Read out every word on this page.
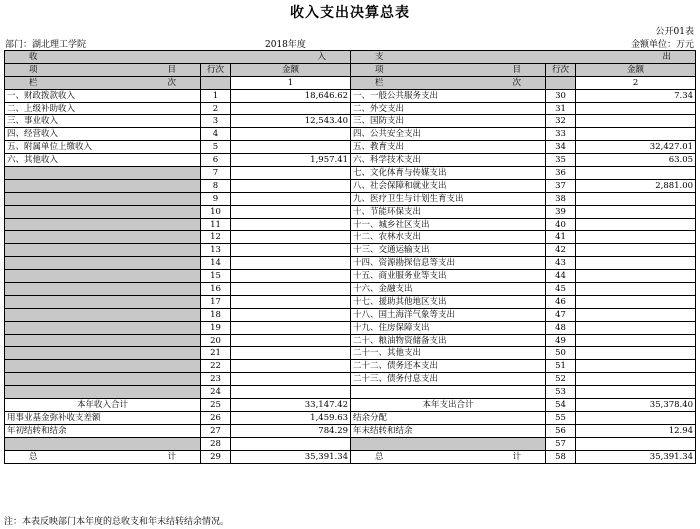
收入支出决算总表
公开01表
部门：湖北理工学院	2018年度	金额单位：万元
收 入			支 出		

项 目	行次	金额	项 目	行次	金额

栏 次		1	栏 次		2
一、财政拨款收入	1	18,646.62	一、一般公共服务支出	30	7.34
二、上级补助收入	2		二、外交支出	31	
三、事业收入	3	12,543.40	三、国防支出	32	
四、经营收入	4		四、公共安全支出	33	
五、附属单位上缴收入	5		五、教育支出	34	32,427.01
六、其他收入	6	1,957.41	六、科学技术支出	35	63.05
	7		七、文化体育与传媒支出	36	
	8		八、社会保障和就业支出	37	2,881.00
	9		九、医疗卫生与计划生育支出	38	
	10		十、节能环保支出	39	
	11		十一、城乡社区支出	40	
	12		十二、农林水支出	41	
	13		十三、交通运输支出	42	
	14		十四、资源勘探信息等支出	43	
	15		十五、商业服务业等支出	44	
	16		十六、金融支出	45	
	17		十七、援助其他地区支出	46	
	18		十八、国土海洋气象等支出	47	
	19		十九、住房保障支出	48	
	20		二十、粮油物资储备支出	49	
	21		二十一、其他支出	50	
	22		二十二、债务还本支出	51	
	23		二十三、债务付息支出	52	
	24			53	
本年收入合计	25	33,147.42	本年支出合计	54	35,378.40
用事业基金弥补收支差额	26	1,459.63	结余分配	55	
年初结转和结余	27	784.29	年末结转和结余	56	12.94
	28			57	

总 计	29	35,391.34	总 计	58	35,391.34
注：本表反映部门本年度的总收支和年末结转结余情况。
